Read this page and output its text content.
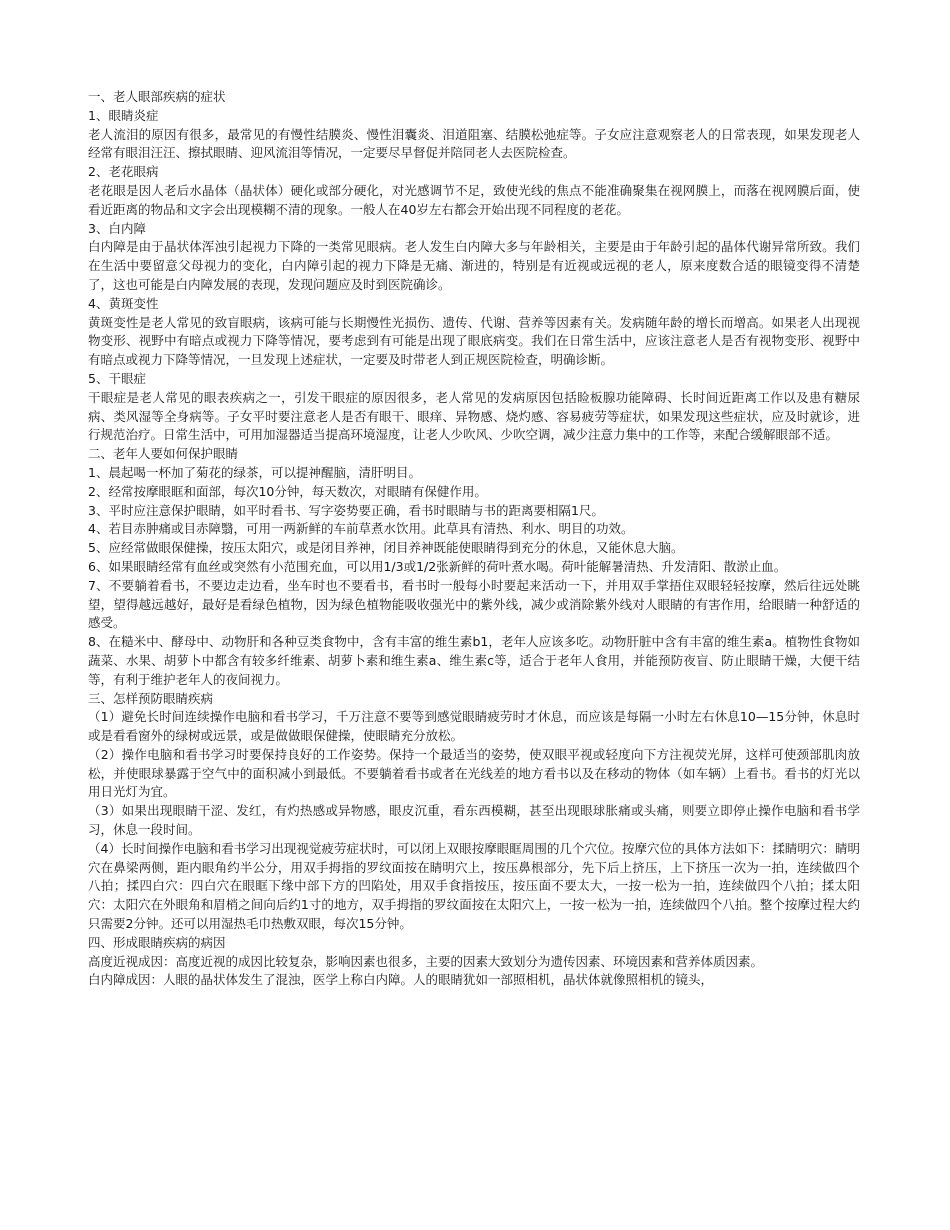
一、老人眼部疾病的症状

1、眼睛炎症

老人流泪的原因有很多，最常见的有慢性结膜炎、慢性泪囊炎、泪道阻塞、结膜松弛症等。子女应注意观察老人的日常表现，如果发现老人经常有眼泪汪汪、擦拭眼睛、迎风流泪等情况，一定要尽早督促并陪同老人去医院检查。

2、老花眼病

老花眼是因人老后水晶体（晶状体）硬化或部分硬化，对光感调节不足，致使光线的焦点不能准确聚集在视网膜上，而落在视网膜后面，使看近距离的物品和文字会出现模糊不清的现象。一般人在40岁左右都会开始出现不同程度的老花。

3、白内障

白内障是由于晶状体浑浊引起视力下降的一类常见眼病。老人发生白内障大多与年龄相关，主要是由于年龄引起的晶体代谢异常所致。我们在生活中要留意父母视力的变化，白内障引起的视力下降是无痛、渐进的，特别是有近视或远视的老人，原来度数合适的眼镜变得不清楚了，这也可能是白内障发展的表现，发现问题应及时到医院确诊。

4、黄斑变性

黄斑变性是老人常见的致盲眼病，该病可能与长期慢性光损伤、遗传、代谢、营养等因素有关。发病随年龄的增长而增高。如果老人出现视物变形、视野中有暗点或视力下降等情况，要考虑到有可能是出现了眼底病变。我们在日常生活中，应该注意老人是否有视物变形、视野中有暗点或视力下降等情况，一旦发现上述症状，一定要及时带老人到正规医院检查，明确诊断。

5、干眼症

干眼症是老人常见的眼表疾病之一，引发干眼症的原因很多，老人常见的发病原因包括睑板腺功能障碍、长时间近距离工作以及患有糖尿病、类风湿等全身病等。子女平时要注意老人是否有眼干、眼痒、异物感、烧灼感、容易疲劳等症状，如果发现这些症状，应及时就诊，进行规范治疗。日常生活中，可用加湿器适当提高环境湿度，让老人少吹风、少吹空调，减少注意力集中的工作等，来配合缓解眼部不适。

二、老年人要如何保护眼睛

1、晨起喝一杯加了菊花的绿茶，可以提神醒脑，清肝明目。

2、经常按摩眼眶和面部，每次10分钟，每天数次，对眼睛有保健作用。

3、平时应注意保护眼睛，如平时看书、写字姿势要正确，看书时眼睛与书的距离要相隔1尺。

4、若目赤肿痛或目赤障翳，可用一两新鲜的车前草煮水饮用。此草具有清热、利水、明目的功效。

5、应经常做眼保健操，按压太阳穴，或是闭目养神，闭目养神既能使眼睛得到充分的休息，又能休息大脑。

6、如果眼睛经常有血丝或突然有小范围充血，可以用1/3或1/2张新鲜的荷叶煮水喝。荷叶能解暑清热、升发清阳、散淤止血。

7、不要躺着看书，不要边走边看，坐车时也不要看书，看书时一般每小时要起来活动一下，并用双手掌捂住双眼轻轻按摩，然后往远处眺望，望得越远越好，最好是看绿色植物，因为绿色植物能吸收强光中的紫外线，减少或消除紫外线对人眼睛的有害作用，给眼睛一种舒适的感受。

8、在糙米中、酵母中、动物肝和各种豆类食物中，含有丰富的维生素b1，老年人应该多吃。动物肝脏中含有丰富的维生素a。植物性食物如蔬菜、水果、胡萝卜中都含有较多纤维素、胡萝卜素和维生素a、维生素c等，适合于老年人食用，并能预防夜盲、防止眼睛干燥，大便干结等，有利于维护老年人的夜间视力。

三、怎样预防眼睛疾病

（1）避免长时间连续操作电脑和看书学习，千万注意不要等到感觉眼睛疲劳时才休息，而应该是每隔一小时左右休息10—15分钟，休息时或是看看窗外的绿树或远景，或是做做眼保健操，使眼睛充分放松。

（2）操作电脑和看书学习时要保持良好的工作姿势。保持一个最适当的姿势，使双眼平视或轻度向下方注视荧光屏，这样可使颈部肌肉放松，并使眼球暴露于空气中的面积减小到最低。不要躺着看书或者在光线差的地方看书以及在移动的物体（如车辆）上看书。看书的灯光以用日光灯为宜。

（3）如果出现眼睛干涩、发红，有灼热感或异物感，眼皮沉重，看东西模糊，甚至出现眼球胀痛或头痛，则要立即停止操作电脑和看书学习，休息一段时间。

（4）长时间操作电脑和看书学习出现视觉疲劳症状时，可以闭上双眼按摩眼眶周围的几个穴位。按摩穴位的具体方法如下：揉睛明穴：睛明穴在鼻梁两侧，距内眼角约半公分，用双手拇指的罗纹面按在睛明穴上，按压鼻根部分，先下后上挤压，上下挤压一次为一拍，连续做四个八拍；揉四白穴：四白穴在眼眶下缘中部下方的凹陷处，用双手食指按压，按压面不要太大，一按一松为一拍，连续做四个八拍；揉太阳穴：太阳穴在外眼角和眉梢之间向后约1寸的地方，双手拇指的罗纹面按在太阳穴上，一按一松为一拍，连续做四个八拍。整个按摩过程大约只需要2分钟。还可以用湿热毛巾热敷双眼，每次15分钟。

四、形成眼睛疾病的病因

高度近视成因：高度近视的成因比较复杂，影响因素也很多，主要的因素大致划分为遗传因素、环境因素和营养体质因素。

白内障成因：人眼的晶状体发生了混浊，医学上称白内障。人的眼睛犹如一部照相机，晶状体就像照相机的镜头，
